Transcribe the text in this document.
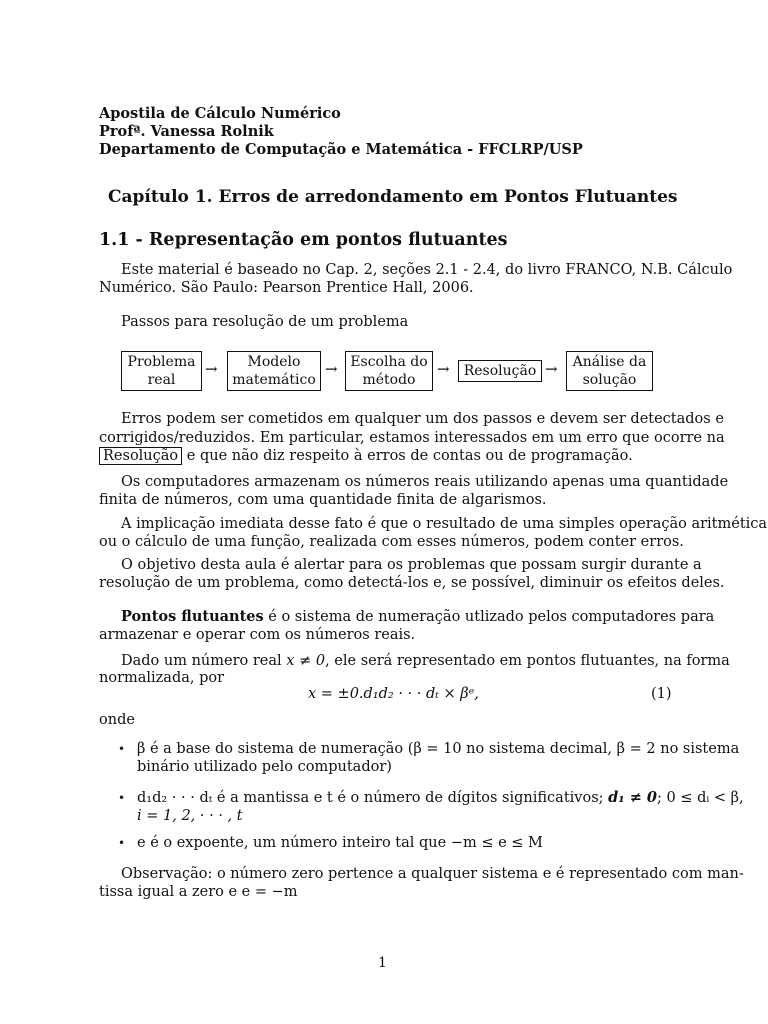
Apostila de Cálculo Numérico
Profª. Vanessa Rolnik
Departamento de Computação e Matemática - FFCLRP/USP
Capítulo 1. Erros de arredondamento em Pontos Flutuantes
1.1 - Representação em pontos flutuantes
Este material é baseado no Cap. 2, seções 2.1 - 2.4, do livro FRANCO, N.B. Cálculo
Numérico. São Paulo: Pearson Prentice Hall, 2006.
Passos para resolução de um problema
Problema
real
→ Modelo
matemático
→ Escolha do
método
→ Resolução → Análise da
solução
Erros podem ser cometidos em qualquer um dos passos e devem ser detectados e
corrigidos/reduzidos. Em particular, estamos interessados em um erro que ocorre na
Resolução e que não diz respeito à erros de contas ou de programação.
Os computadores armazenam os números reais utilizando apenas uma quantidade
finita de números, com uma quantidade finita de algarismos.
A implicação imediata desse fato é que o resultado de uma simples operação aritmética
ou o cálculo de uma função, realizada com esses números, podem conter erros.
O objetivo desta aula é alertar para os problemas que possam surgir durante a
resolução de um problema, como detectá-los e, se possível, diminuir os efeitos deles.
Pontos flutuantes é o sistema de numeração utlizado pelos computadores para
armazenar e operar com os números reais.
Dado um número real x ≠ 0, ele será representado em pontos flutuantes, na forma
normalizada, por
x = ±0.d₁d₂ · · · dₜ × βᵉ,	(1)
onde
• β é a base do sistema de numeração (β = 10 no sistema decimal, β = 2 no sistema
binário utilizado pelo computador)
• d₁d₂ · · · dₜ é a mantissa e t é o número de dígitos significativos; d₁ ≠ 0; 0 ≤ dᵢ < β,
i = 1, 2, · · · , t
• e é o expoente, um número inteiro tal que −m ≤ e ≤ M
Observação: o número zero pertence a qualquer sistema e é representado com man-
tissa igual a zero e e = −m
1
